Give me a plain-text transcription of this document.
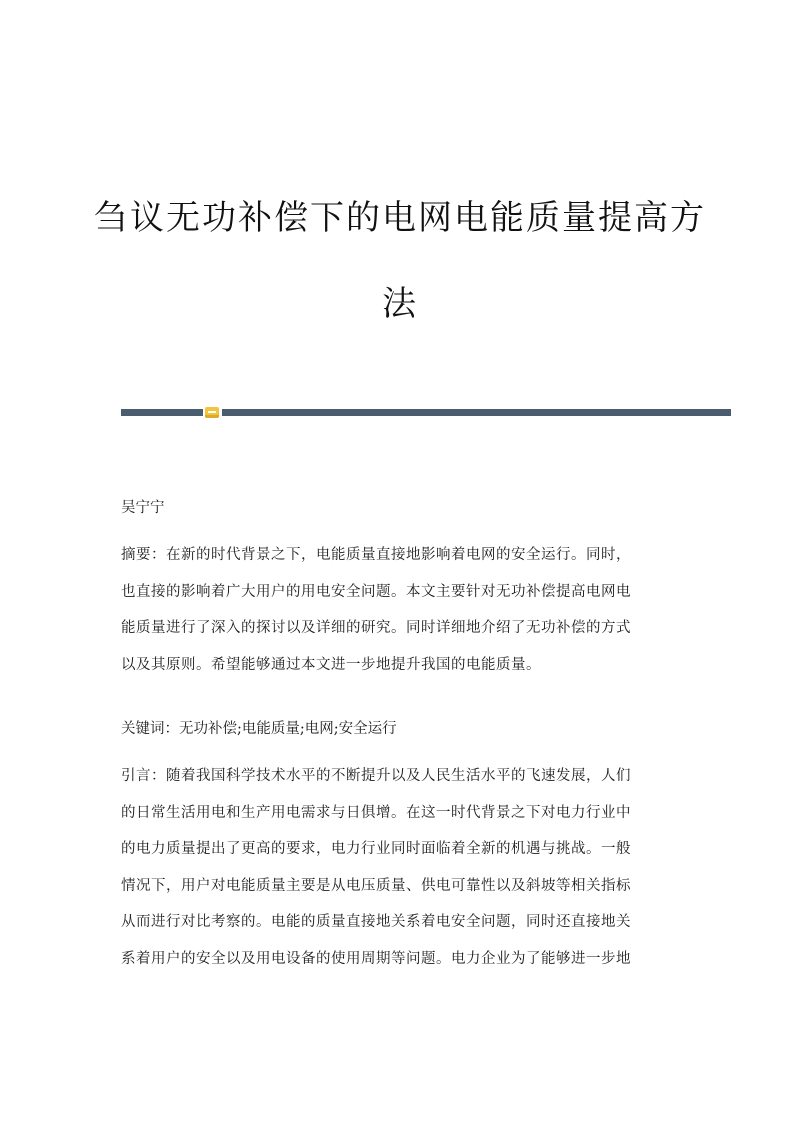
刍议无功补偿下的电网电能质量提高方
法
吴宁宁
摘要：在新的时代背景之下，电能质量直接地影响着电网的安全运行。同时，
也直接的影响着广大用户的用电安全问题。本文主要针对无功补偿提高电网电
能质量进行了深入的探讨以及详细的研究。同时详细地介绍了无功补偿的方式
以及其原则。希望能够通过本文进一步地提升我国的电能质量。
关键词：无功补偿;电能质量;电网;安全运行
引言：随着我国科学技术水平的不断提升以及人民生活水平的飞速发展，人们
的日常生活用电和生产用电需求与日俱增。在这一时代背景之下对电力行业中
的电力质量提出了更高的要求，电力行业同时面临着全新的机遇与挑战。一般
情况下，用户对电能质量主要是从电压质量、供电可靠性以及斜坡等相关指标
从而进行对比考察的。电能的质量直接地关系着电安全问题，同时还直接地关
系着用户的安全以及用电设备的使用周期等问题。电力企业为了能够进一步地
